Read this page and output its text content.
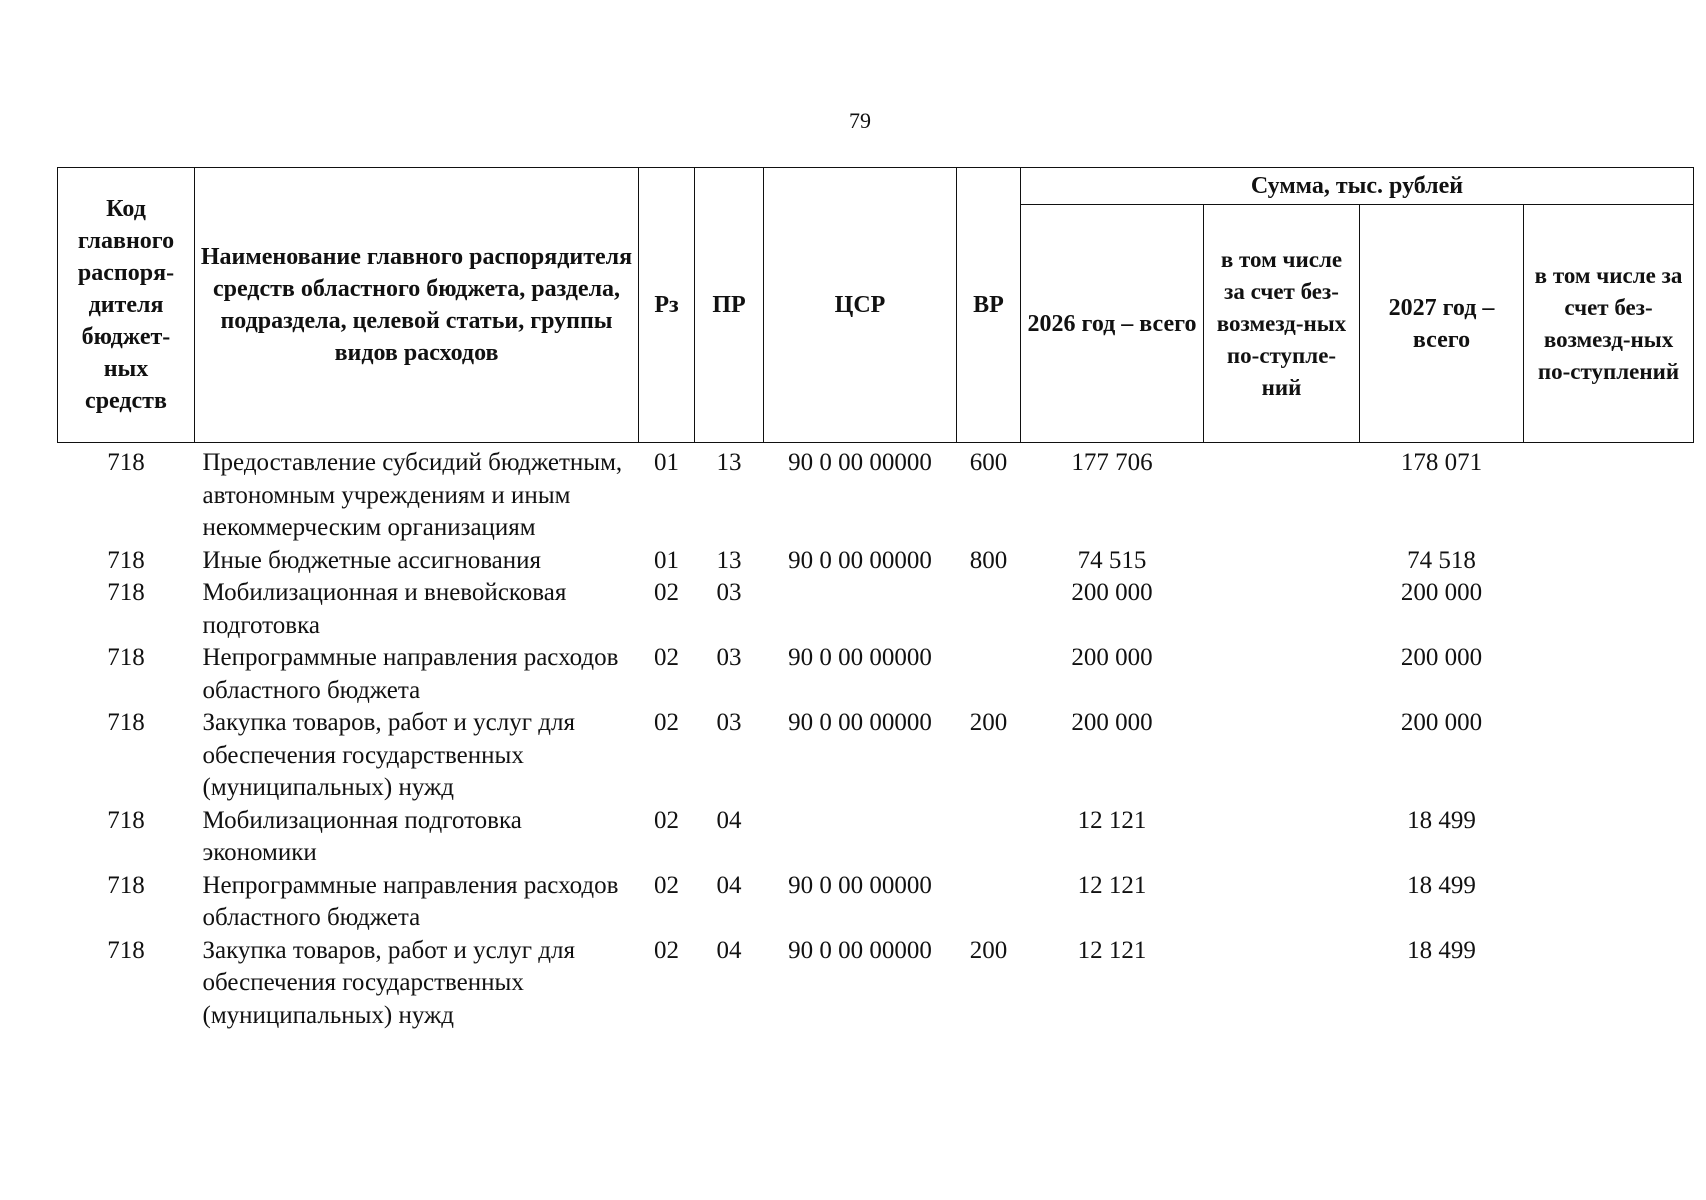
79
Код главного распоря-дителя бюджет-ных средств	Наименование главного распорядителя средств областного бюджета, раздела, подраздела, целевой статьи, группы видов расходов	Рз	ПР	ЦСР	ВР	Сумма, тыс. рублей			
						2026 год – всего	в том числе за счет без-возмезд-ных по-ступле-ний	2027 год – всего	в том числе за счет без-возмезд-ных по-ступлений
718	Предоставление субсидий бюджетным, автономным учреждениям и иным некоммерческим организациям	01	13	90 0 00 00000	600	177 706		178 071	
718	Иные бюджетные ассигнования	01	13	90 0 00 00000	800	74 515		74 518	
718	Мобилизационная и вневойсковая подготовка	02	03			200 000		200 000	
718	Непрограммные направления расходов областного бюджета	02	03	90 0 00 00000		200 000		200 000	
718	Закупка товаров, работ и услуг для обеспечения государственных (муниципальных) нужд	02	03	90 0 00 00000	200	200 000		200 000	
718	Мобилизационная подготовка экономики	02	04			12 121		18 499	
718	Непрограммные направления расходов областного бюджета	02	04	90 0 00 00000		12 121		18 499	
718	Закупка товаров, работ и услуг для обеспечения государственных (муниципальных) нужд	02	04	90 0 00 00000	200	12 121		18 499	
